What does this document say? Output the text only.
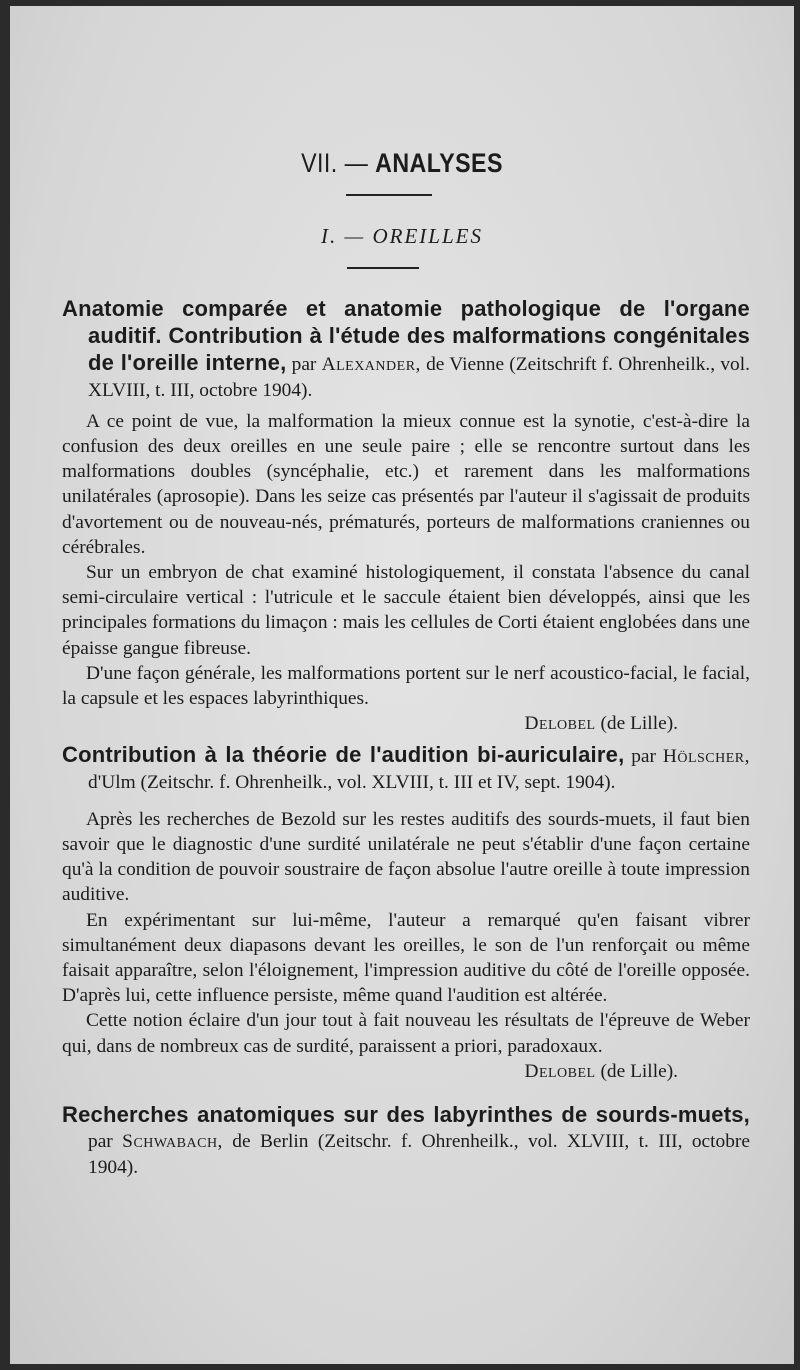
VII. — ANALYSES
I. — OREILLES

Anatomie comparée et anatomie pathologique de l'organe auditif. Contribution à l'étude des malformations congénitales de l'oreille interne, par Alexander, de Vienne (Zeitschrift f. Ohrenheilk., vol. XLVIII, t. III, octobre 1904).

A ce point de vue, la malformation la mieux connue est la synotie, c'est-à-dire la confusion des deux oreilles en une seule paire ; elle se rencontre surtout dans les malformations doubles (syncéphalie, etc.) et rarement dans les malformations unilatérales (aprosopie). Dans les seize cas présentés par l'auteur il s'agissait de produits d'avortement ou de nouveau-nés, prématurés, porteurs de malformations craniennes ou cérébrales.

Sur un embryon de chat examiné histologiquement, il constata l'absence du canal semi-circulaire vertical : l'utricule et le saccule étaient bien développés, ainsi que les principales formations du limaçon : mais les cellules de Corti étaient englobées dans une épaisse gangue fibreuse.

D'une façon générale, les malformations portent sur le nerf acoustico-facial, le facial, la capsule et les espaces labyrinthiques.

Delobel (de Lille).

Contribution à la théorie de l'audition bi-auriculaire, par Hölscher, d'Ulm (Zeitschr. f. Ohrenheilk., vol. XLVIII, t. III et IV, sept. 1904).

Après les recherches de Bezold sur les restes auditifs des sourds-muets, il faut bien savoir que le diagnostic d'une surdité unilatérale ne peut s'établir d'une façon certaine qu'à la condition de pouvoir soustraire de façon absolue l'autre oreille à toute impression auditive.

En expérimentant sur lui-même, l'auteur a remarqué qu'en faisant vibrer simultanément deux diapasons devant les oreilles, le son de l'un renforçait ou même faisait apparaître, selon l'éloignement, l'impression auditive du côté de l'oreille opposée. D'après lui, cette influence persiste, même quand l'audition est altérée.

Cette notion éclaire d'un jour tout à fait nouveau les résultats de l'épreuve de Weber qui, dans de nombreux cas de surdité, paraissent a priori, paradoxaux.

Delobel (de Lille).

Recherches anatomiques sur des labyrinthes de sourds-muets, par Schwabach, de Berlin (Zeitschr. f. Ohrenheilk., vol. XLVIII, t. III, octobre 1904).
